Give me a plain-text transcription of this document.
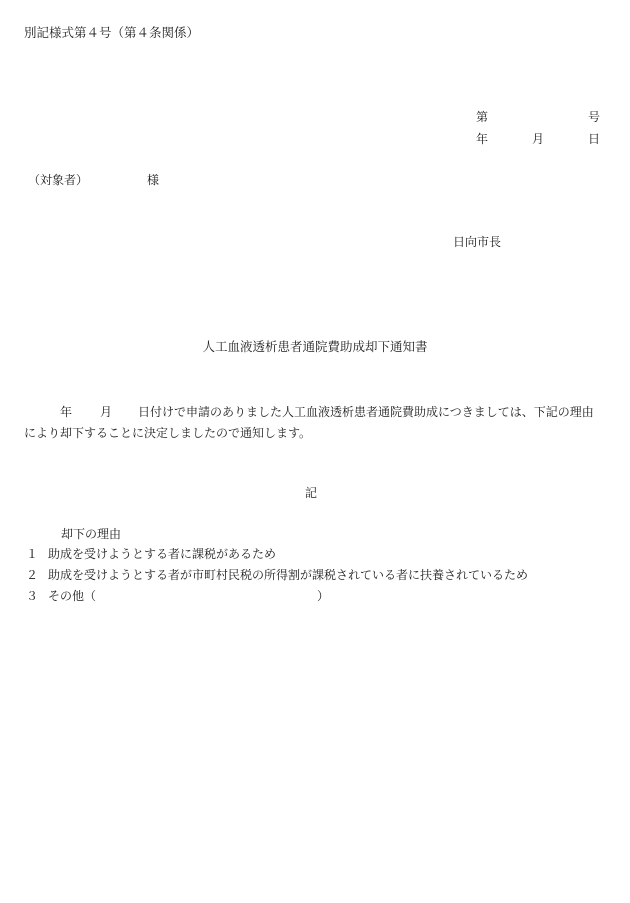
別記様式第４号（第４条関係）
第	号
年	月	日
（対象者）	様
日向市長
人工血液透析患者通院費助成却下通知書
年 月 日付けで申請のありました人工血液透析患者通院費助成につきましては、下記の理由
により却下することに決定しましたので通知します。
記
却下の理由
１ 助成を受けようとする者に課税があるため
２ 助成を受けようとする者が市町村民税の所得割が課税されている者に扶養されているため
３ その他（	）
